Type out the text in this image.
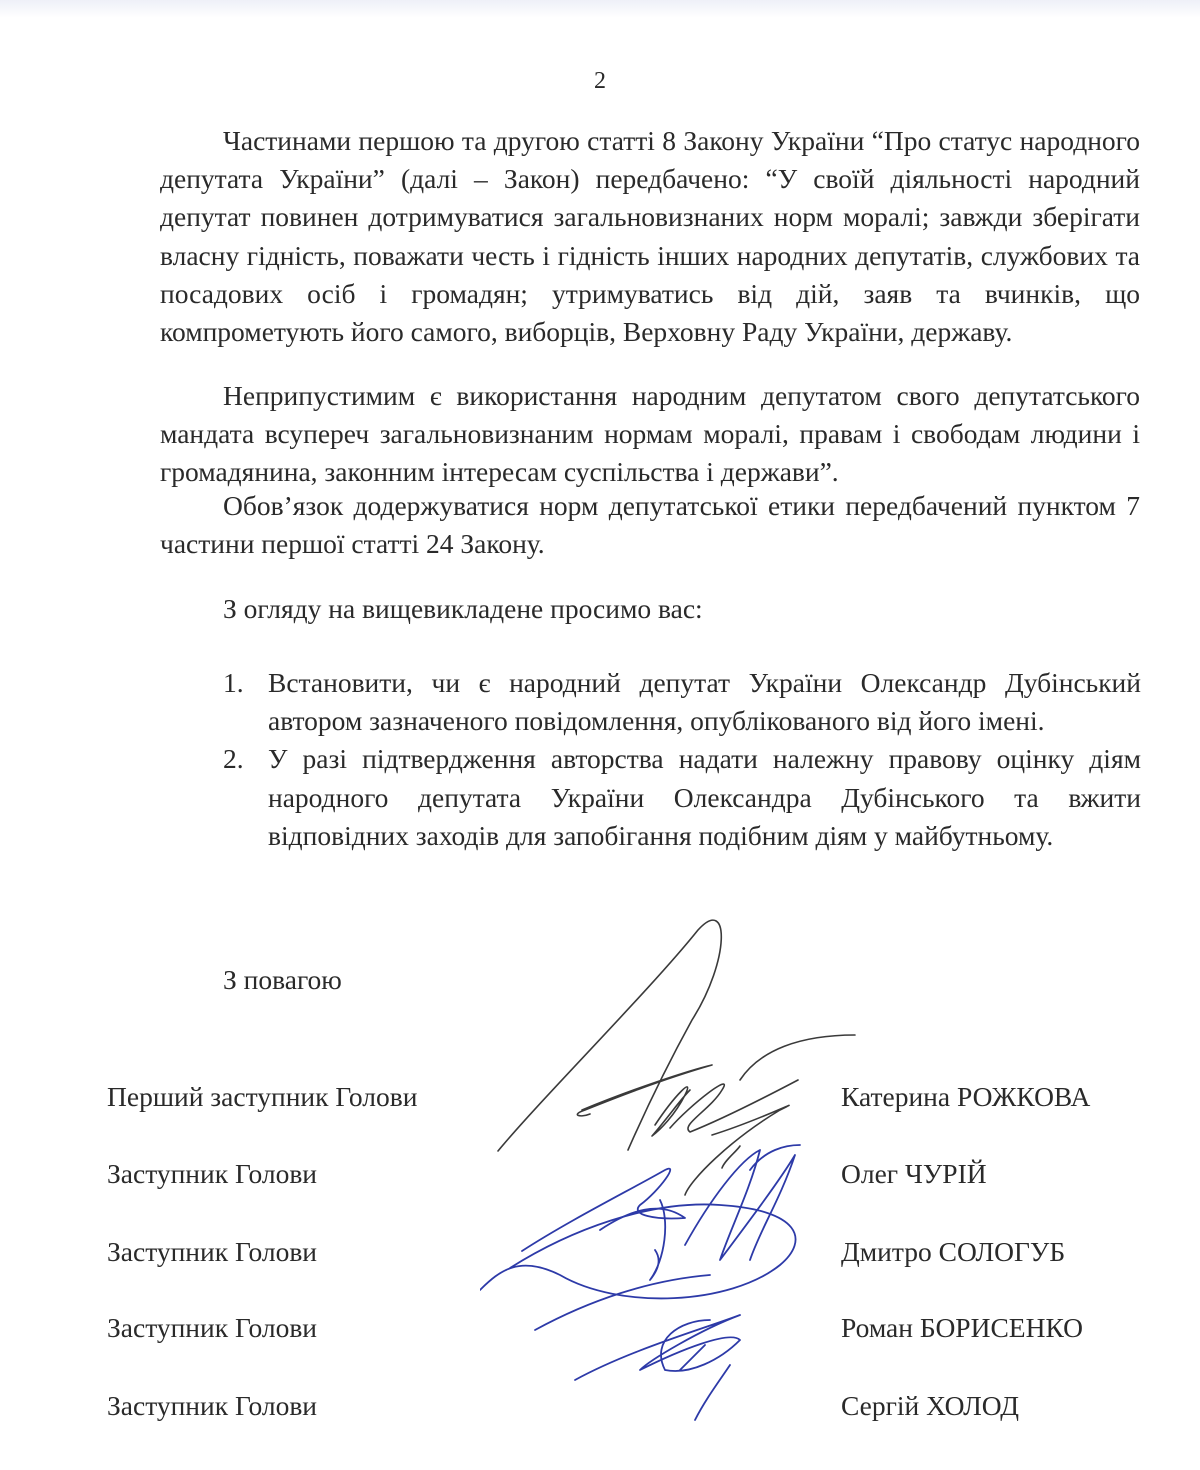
2

Частинами першою та другою статті 8 Закону України “Про статус народного депутата України” (далі – Закон) передбачено: “У своїй діяльності народний депутат повинен дотримуватися загальновизнаних норм моралі; завжди зберігати власну гідність, поважати честь і гідність інших народних депутатів, службових та посадових осіб і громадян; утримуватись від дій, заяв та вчинків, що компрометують його самого, виборців, Верховну Раду України, державу.

Неприпустимим є використання народним депутатом свого депутатського мандата всупереч загальновизнаним нормам моралі, правам і свободам людини і громадянина, законним інтересам суспільства і держави”.

Обов’язок додержуватися норм депутатської етики передбачений пунктом 7 частини першої статті 24 Закону.

З огляду на вищевикладене просимо вас:
1. Встановити, чи є народний депутат України Олександр Дубінський автором зазначеного повідомлення, опублікованого від його імені.
2. У разі підтвердження авторства надати належну правову оцінку діям народного депутата України Олександра Дубінського та вжити відповідних заходів для запобігання подібним діям у майбутньому.
З повагою
Перший заступник Голови	Катерина РОЖКОВА
Заступник Голови	Олег ЧУРІЙ
Заступник Голови	Дмитро СОЛОГУБ
Заступник Голови	Роман БОРИСЕНКО
Заступник Голови	Сергій ХОЛОД
